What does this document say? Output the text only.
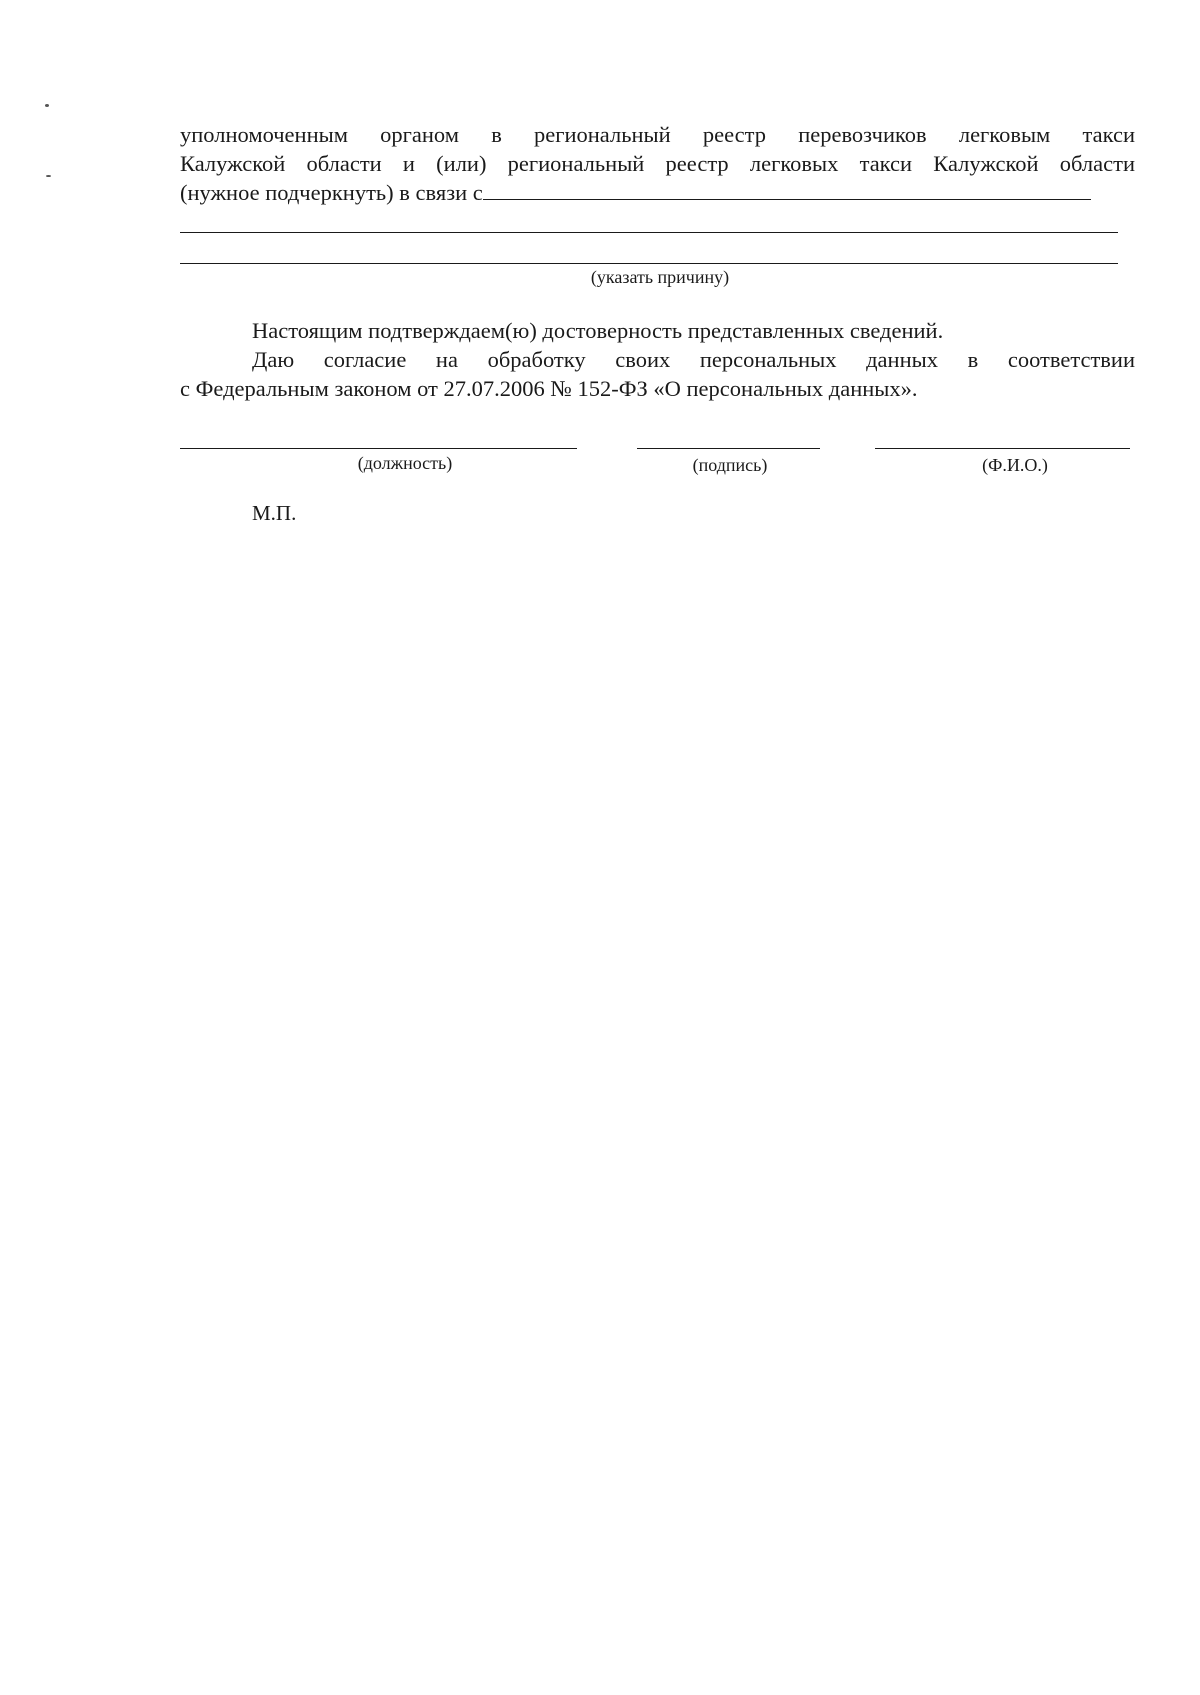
уполномоченным органом в региональный реестр перевозчиков легковым такси
Калужской области и (или) региональный реестр легковых такси Калужской области
(нужное подчеркнуть) в связи с
(указать причину)
Настоящим подтверждаем(ю) достоверность представленных сведений.
Даю согласие на обработку своих персональных данных в соответствии
с Федеральным законом от 27.07.2006 № 152-ФЗ «О персональных данных».
(должность)	(подпись)	(Ф.И.О.)
М.П.
